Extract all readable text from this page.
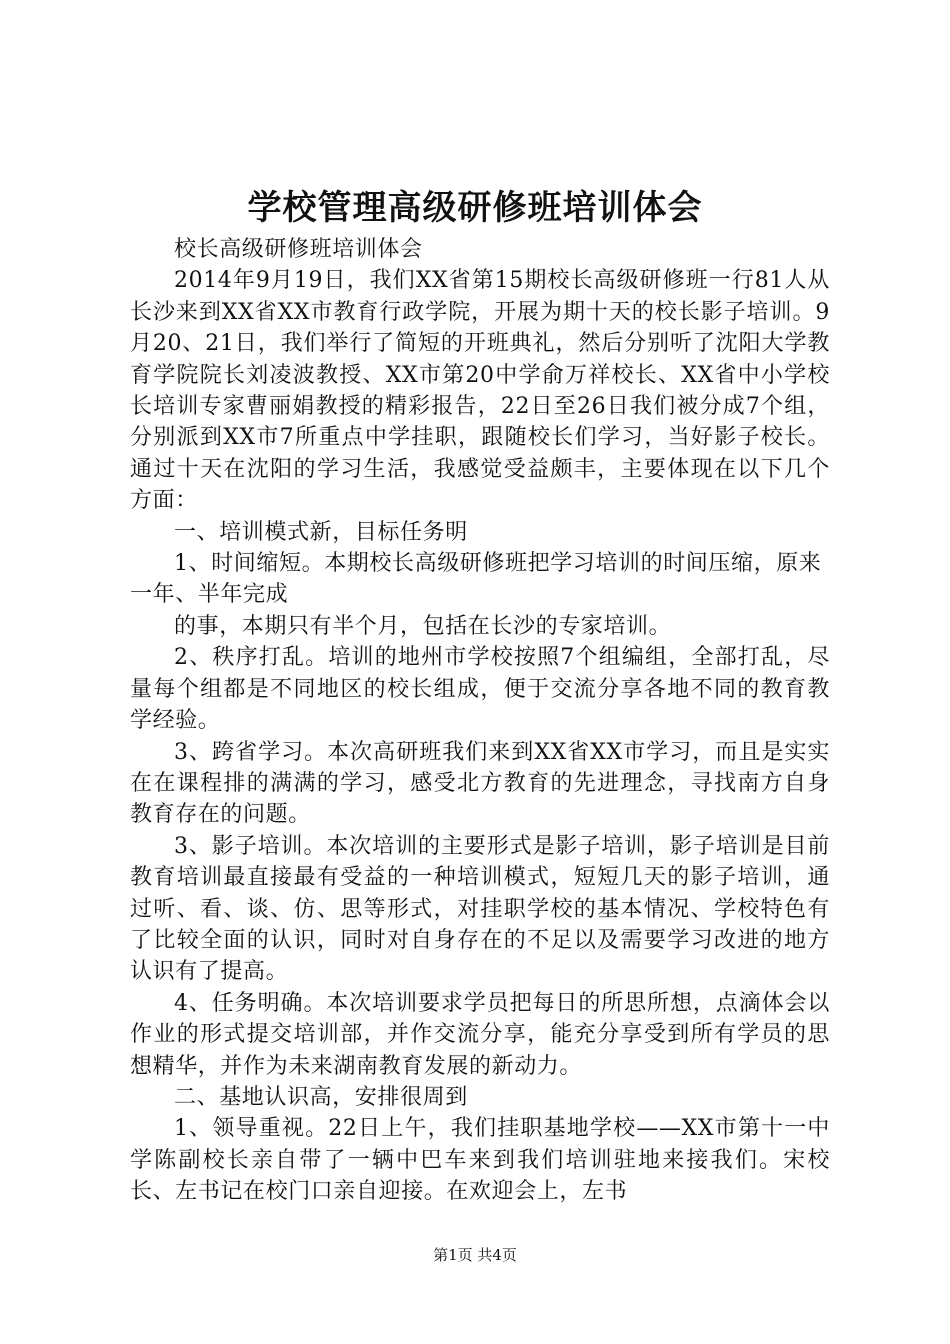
学校管理高级研修班培训体会

校长高级研修班培训体会

2014年9月19日，我们XX省第15期校长高级研修班一行81人从长沙来到XX省XX市教育行政学院，开展为期十天的校长影子培训。9月20、21日，我们举行了简短的开班典礼，然后分别听了沈阳大学教育学院院长刘凌波教授、XX市第20中学俞万祥校长、XX省中小学校长培训专家曹丽娟教授的精彩报告，22日至26日我们被分成7个组，分别派到XX市7所重点中学挂职，跟随校长们学习，当好影子校长。通过十天在沈阳的学习生活，我感觉受益颇丰，主要体现在以下几个方面：

一、培训模式新，目标任务明

1、时间缩短。本期校长高级研修班把学习培训的时间压缩，原来一年、半年完成

的事，本期只有半个月，包括在长沙的专家培训。

2、秩序打乱。培训的地州市学校按照7个组编组，全部打乱，尽量每个组都是不同地区的校长组成，便于交流分享各地不同的教育教学经验。

3、跨省学习。本次高研班我们来到XX省XX市学习，而且是实实在在课程排的满满的学习，感受北方教育的先进理念，寻找南方自身教育存在的问题。

3、影子培训。本次培训的主要形式是影子培训，影子培训是目前教育培训最直接最有受益的一种培训模式，短短几天的影子培训，通过听、看、谈、仿、思等形式，对挂职学校的基本情况、学校特色有了比较全面的认识，同时对自身存在的不足以及需要学习改进的地方认识有了提高。

4、任务明确。本次培训要求学员把每日的所思所想，点滴体会以作业的形式提交培训部，并作交流分享，能充分享受到所有学员的思想精华，并作为未来湖南教育发展的新动力。

二、基地认识高，安排很周到

1、领导重视。22日上午，我们挂职基地学校——XX市第十一中学陈副校长亲自带了一辆中巴车来到我们培训驻地来接我们。宋校长、左书记在校门口亲自迎接。在欢迎会上，左书

第1页 共4页
